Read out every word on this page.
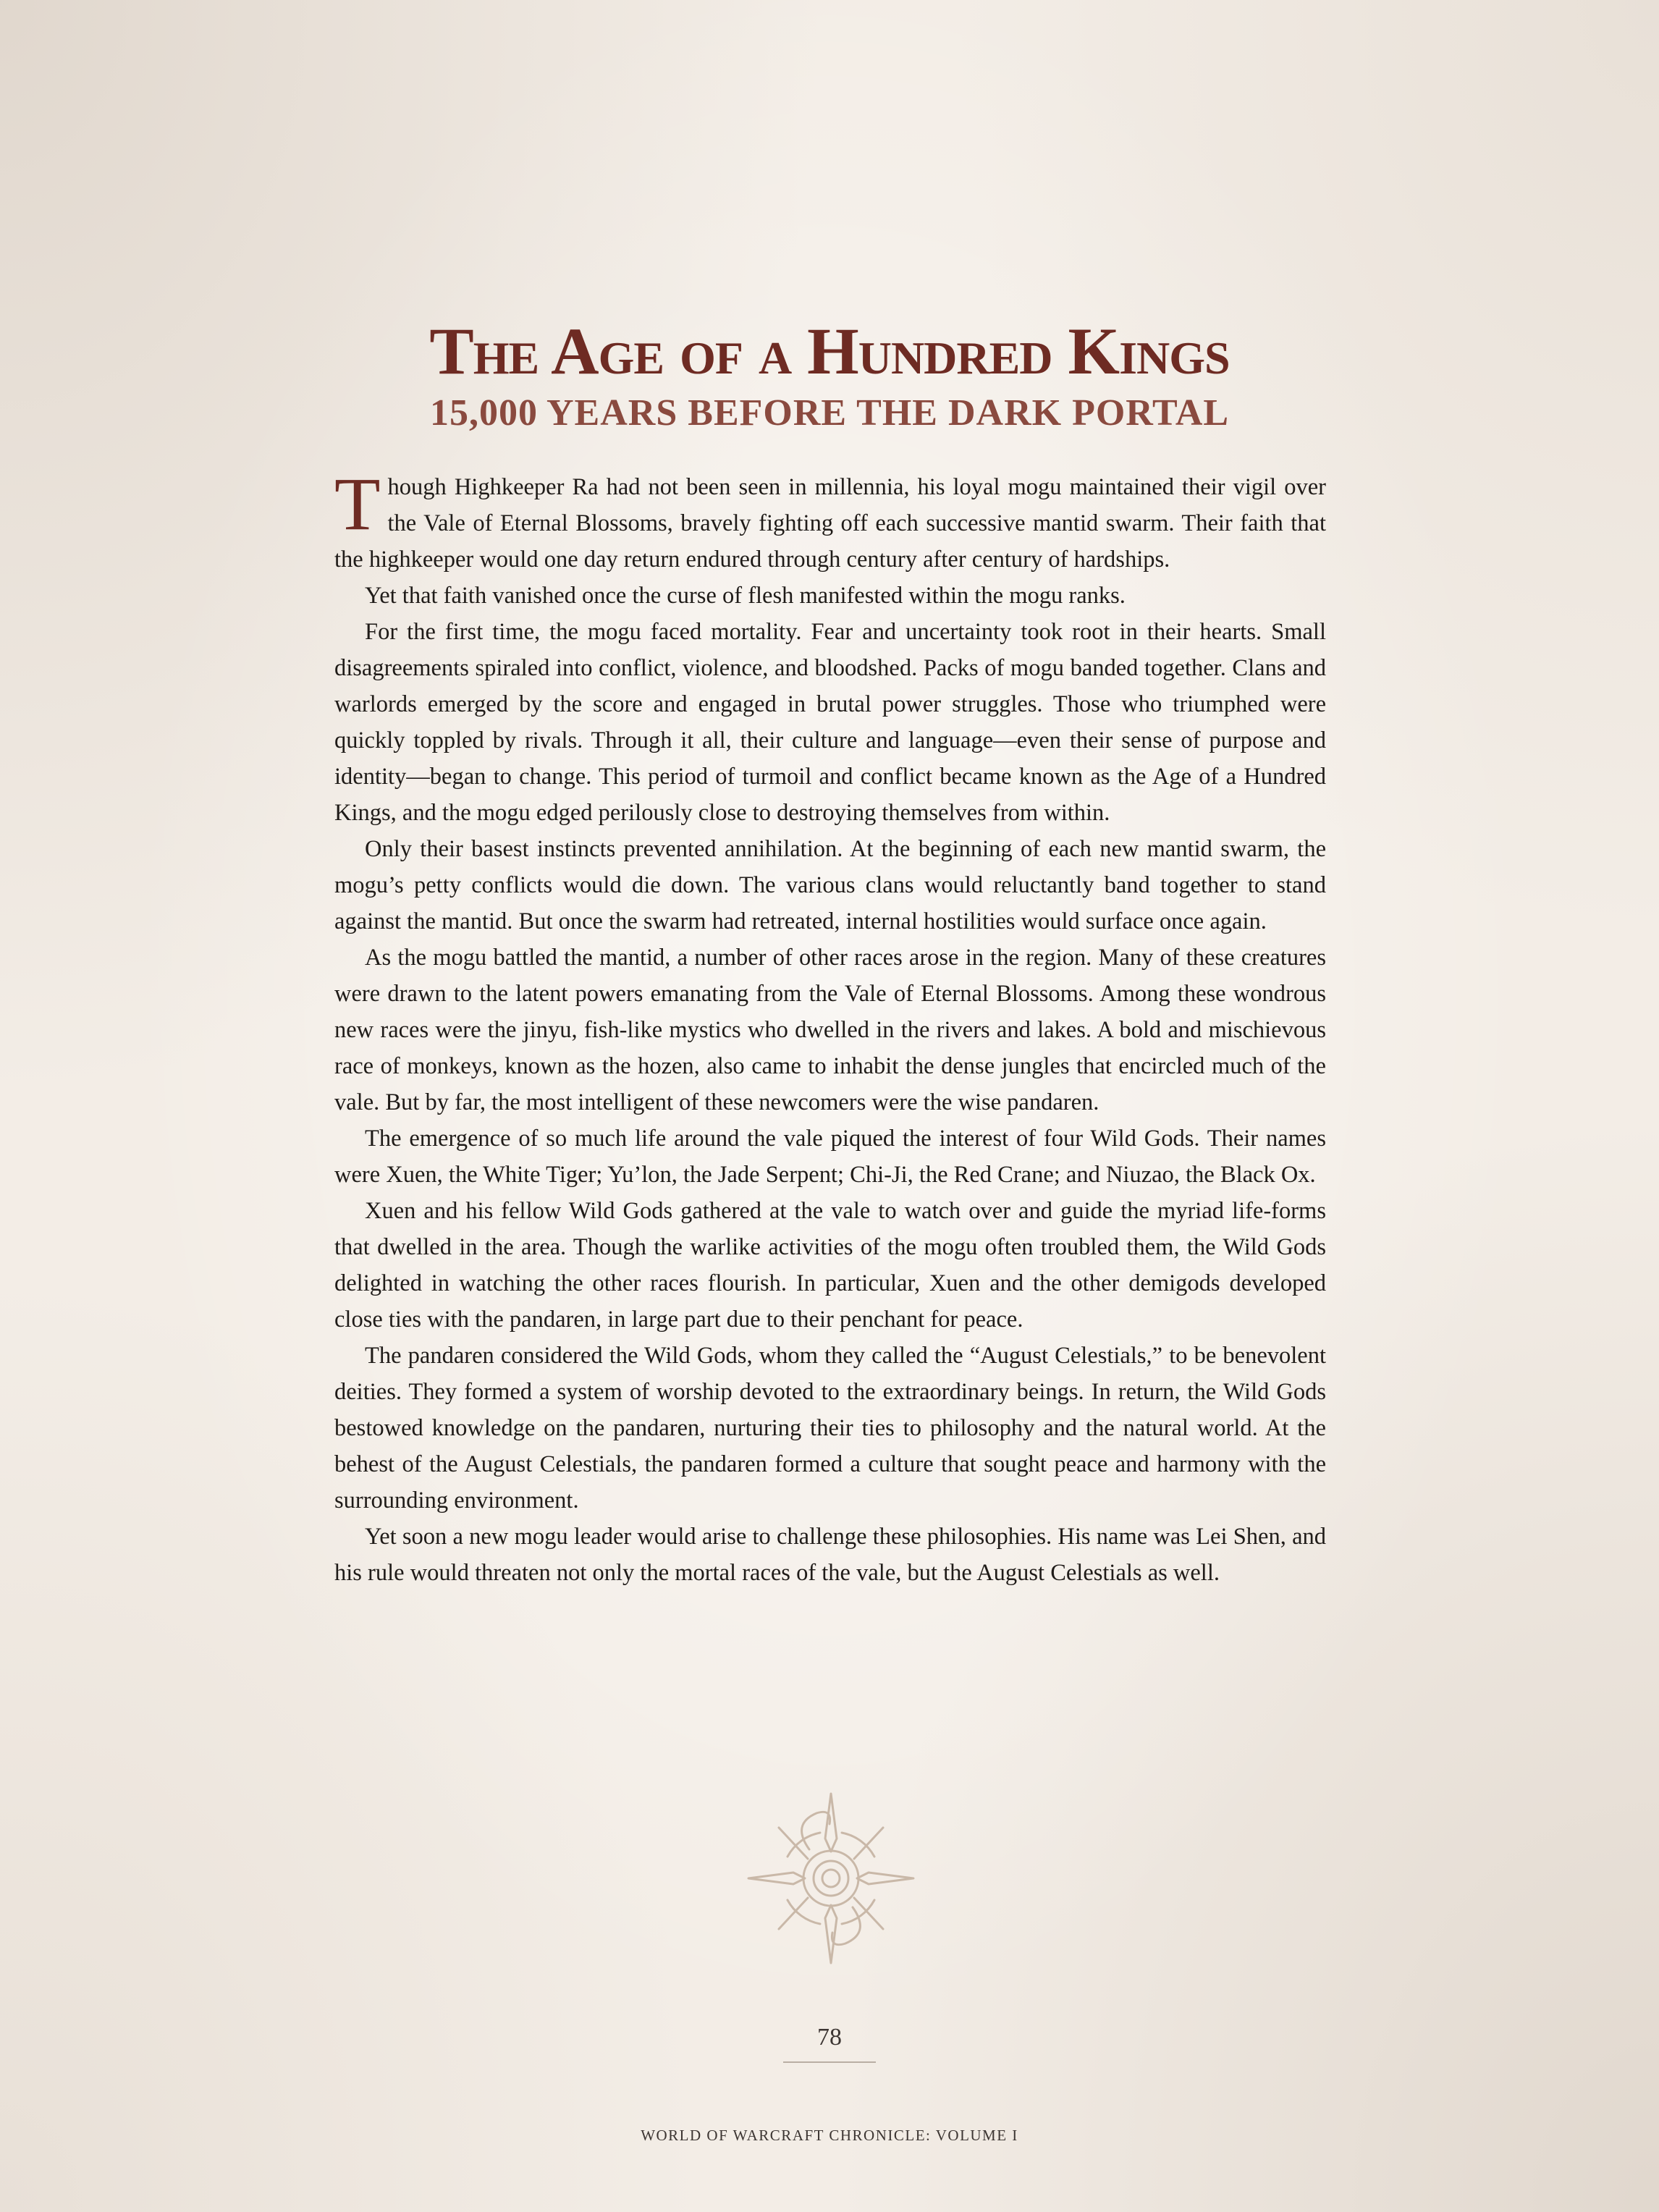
The Age of a Hundred Kings
15,000 YEARS BEFORE THE DARK PORTAL

Though Highkeeper Ra had not been seen in millennia, his loyal mogu maintained their vigil over the Vale of Eternal Blossoms, bravely fighting off each successive mantid swarm. Their faith that the highkeeper would one day return endured through century after century of hardships.

Yet that faith vanished once the curse of flesh manifested within the mogu ranks.

For the first time, the mogu faced mortality. Fear and uncertainty took root in their hearts. Small disagreements spiraled into conflict, violence, and bloodshed. Packs of mogu banded together. Clans and warlords emerged by the score and engaged in brutal power struggles. Those who triumphed were quickly toppled by rivals. Through it all, their culture and language—even their sense of purpose and identity—began to change. This period of turmoil and conflict became known as the Age of a Hundred Kings, and the mogu edged perilously close to destroying themselves from within.

Only their basest instincts prevented annihilation. At the beginning of each new mantid swarm, the mogu’s petty conflicts would die down. The various clans would reluctantly band together to stand against the mantid. But once the swarm had retreated, internal hostilities would surface once again.

As the mogu battled the mantid, a number of other races arose in the region. Many of these creatures were drawn to the latent powers emanating from the Vale of Eternal Blossoms. Among these wondrous new races were the jinyu, fish-like mystics who dwelled in the rivers and lakes. A bold and mischievous race of monkeys, known as the hozen, also came to inhabit the dense jungles that encircled much of the vale. But by far, the most intelligent of these newcomers were the wise pandaren.

The emergence of so much life around the vale piqued the interest of four Wild Gods. Their names were Xuen, the White Tiger; Yu’lon, the Jade Serpent; Chi-Ji, the Red Crane; and Niuzao, the Black Ox.

Xuen and his fellow Wild Gods gathered at the vale to watch over and guide the myriad life-forms that dwelled in the area. Though the warlike activities of the mogu often troubled them, the Wild Gods delighted in watching the other races flourish. In particular, Xuen and the other demigods developed close ties with the pandaren, in large part due to their penchant for peace.

The pandaren considered the Wild Gods, whom they called the “August Celestials,” to be benevolent deities. They formed a system of worship devoted to the extraordinary beings. In return, the Wild Gods bestowed knowledge on the pandaren, nurturing their ties to philosophy and the natural world. At the behest of the August Celestials, the pandaren formed a culture that sought peace and harmony with the surrounding environment.

Yet soon a new mogu leader would arise to challenge these philosophies. His name was Lei Shen, and his rule would threaten not only the mortal races of the vale, but the August Celestials as well.

78
WORLD OF WARCRAFT CHRONICLE: VOLUME I
